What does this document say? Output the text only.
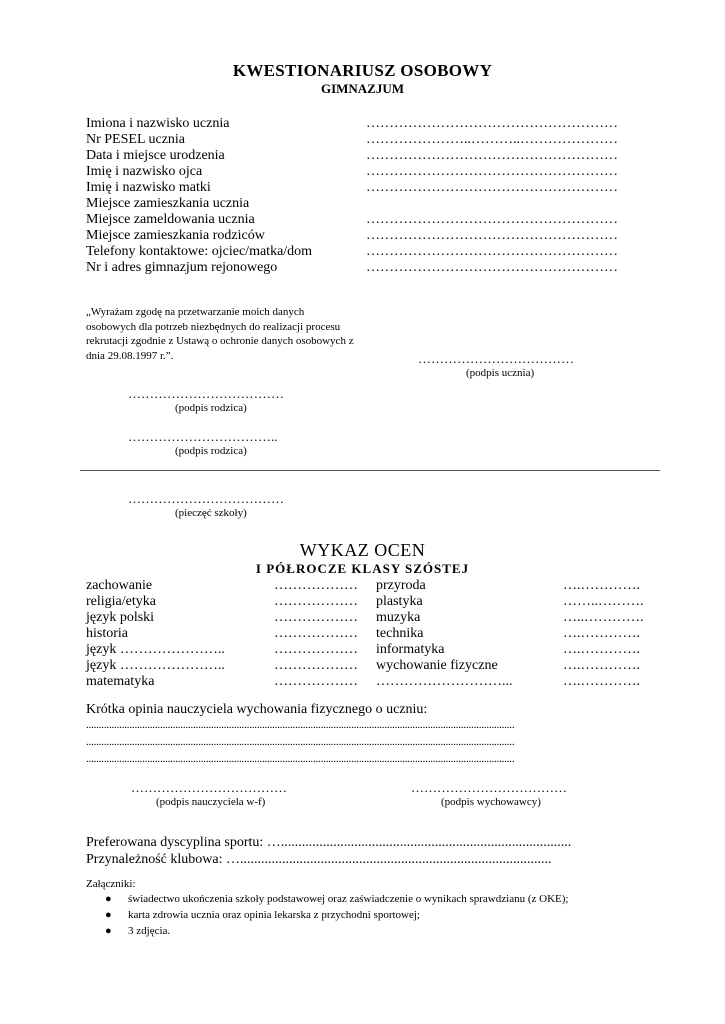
KWESTIONARIUSZ OSOBOWY
GIMNAZJUM
Imiona i nazwisko ucznia	………………………………………………
Nr PESEL ucznia	…………………..………..…………………
Data i miejsce urodzenia	………………………………………………
Imię i nazwisko ojca	………………………………………………
Imię i nazwisko matki	………………………………………………
Miejsce zamieszkania ucznia
Miejsce zameldowania ucznia	………………………………………………
Miejsce zamieszkania rodziców	………………………………………………
Telefony kontaktowe: ojciec/matka/dom	………………………………………………
Nr i adres gimnazjum rejonowego	………………………………………………
„Wyrażam zgodę na przetwarzanie moich danych osobowych dla potrzeb niezbędnych do realizacji procesu rekrutacji zgodnie z Ustawą o ochronie danych osobowych z dnia 29.08.1997 r.”.	………………………………
(podpis ucznia)
………………………………
(podpis rodzica)
……………………………..
(podpis rodzica)
………………………………
(pieczęć szkoły)
WYKAZ OCEN
I PÓŁROCZE KLASY SZÓSTEJ
zachowanie	……………… przyroda	….………….
religia/etyka	……………… plastyka	……..……….
język polski	……………… muzyka	…..………….
historia	……………… technika	….………….
język …………………..	……………… informatyka	….………….
język …………………..	……………… wychowanie fizyczne	….………….
matematyka	……………… ………………………...	….………….
Krótka opinia nauczyciela wychowania fizycznego o uczniu:
........................................................................................................................................................................
........................................................................................................................................................................
........................................................................................................................................................................
………………………………
(podpis nauczyciela w-f)
………………………………
(podpis wychowawcy)
Preferowana dyscyplina sportu: …...................................................................................
Przynależność klubowa: ….........................................................................................
Załączniki:
● świadectwo ukończenia szkoły podstawowej oraz zaświadczenie o wynikach sprawdzianu (z OKE);
● karta zdrowia ucznia oraz opinia lekarska z przychodni sportowej;
● 3 zdjęcia.
